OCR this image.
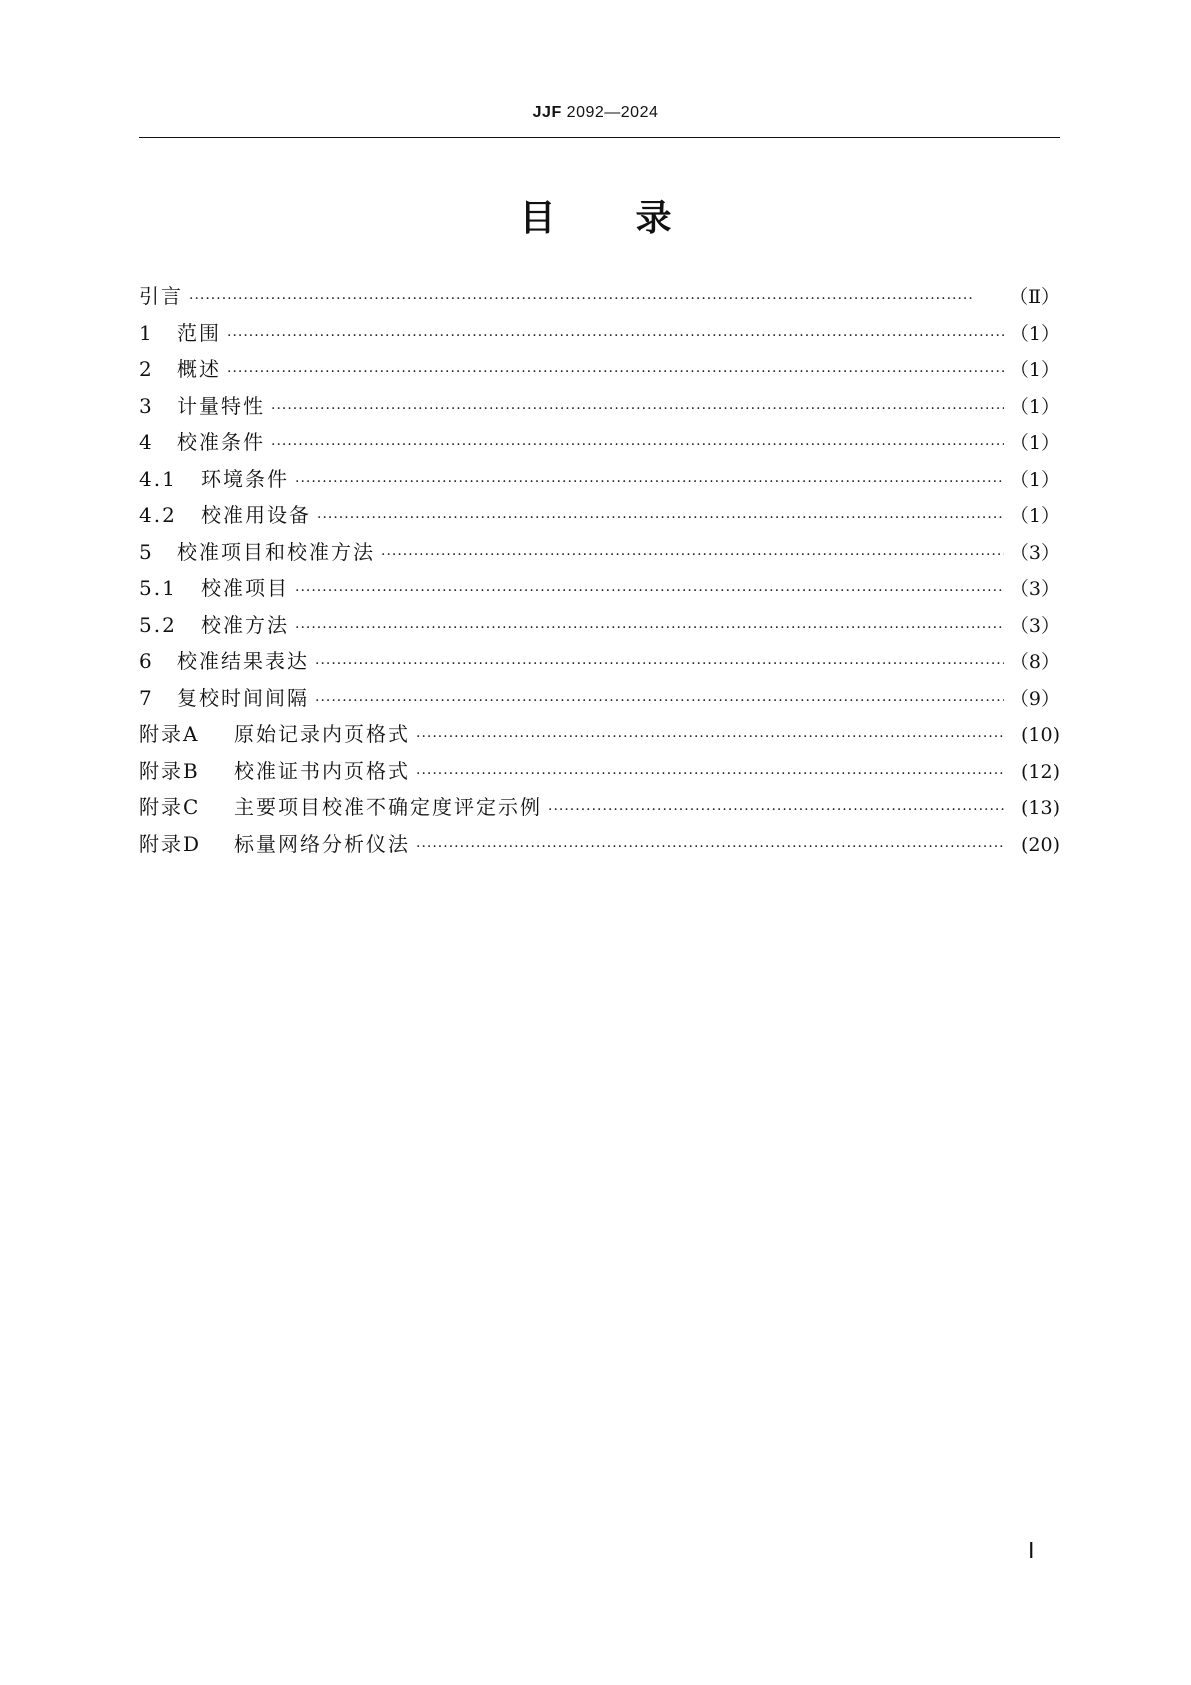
JJF 2092—2024
目录
引言 ·····	（Ⅱ）
1 范围 ·····	（1）
2 概述 ·····	（1）
3 计量特性 ·····	（1）
4 校准条件 ·····	（1）
4.1 环境条件 ·····	（1）
4.2 校准用设备 ·····	（1）
5 校准项目和校准方法 ·····	（3）
5.1 校准项目 ·····	（3）
5.2 校准方法 ·····	（3）
6 校准结果表达 ·····	（8）
7 复校时间间隔 ·····	（9）
附录A 原始记录内页格式 ·····	(10)
附录B 校准证书内页格式 ·····	(12)
附录C 主要项目校准不确定度评定示例 ·····	(13)
附录D 标量网络分析仪法 ·····	(20)
Ⅰ
